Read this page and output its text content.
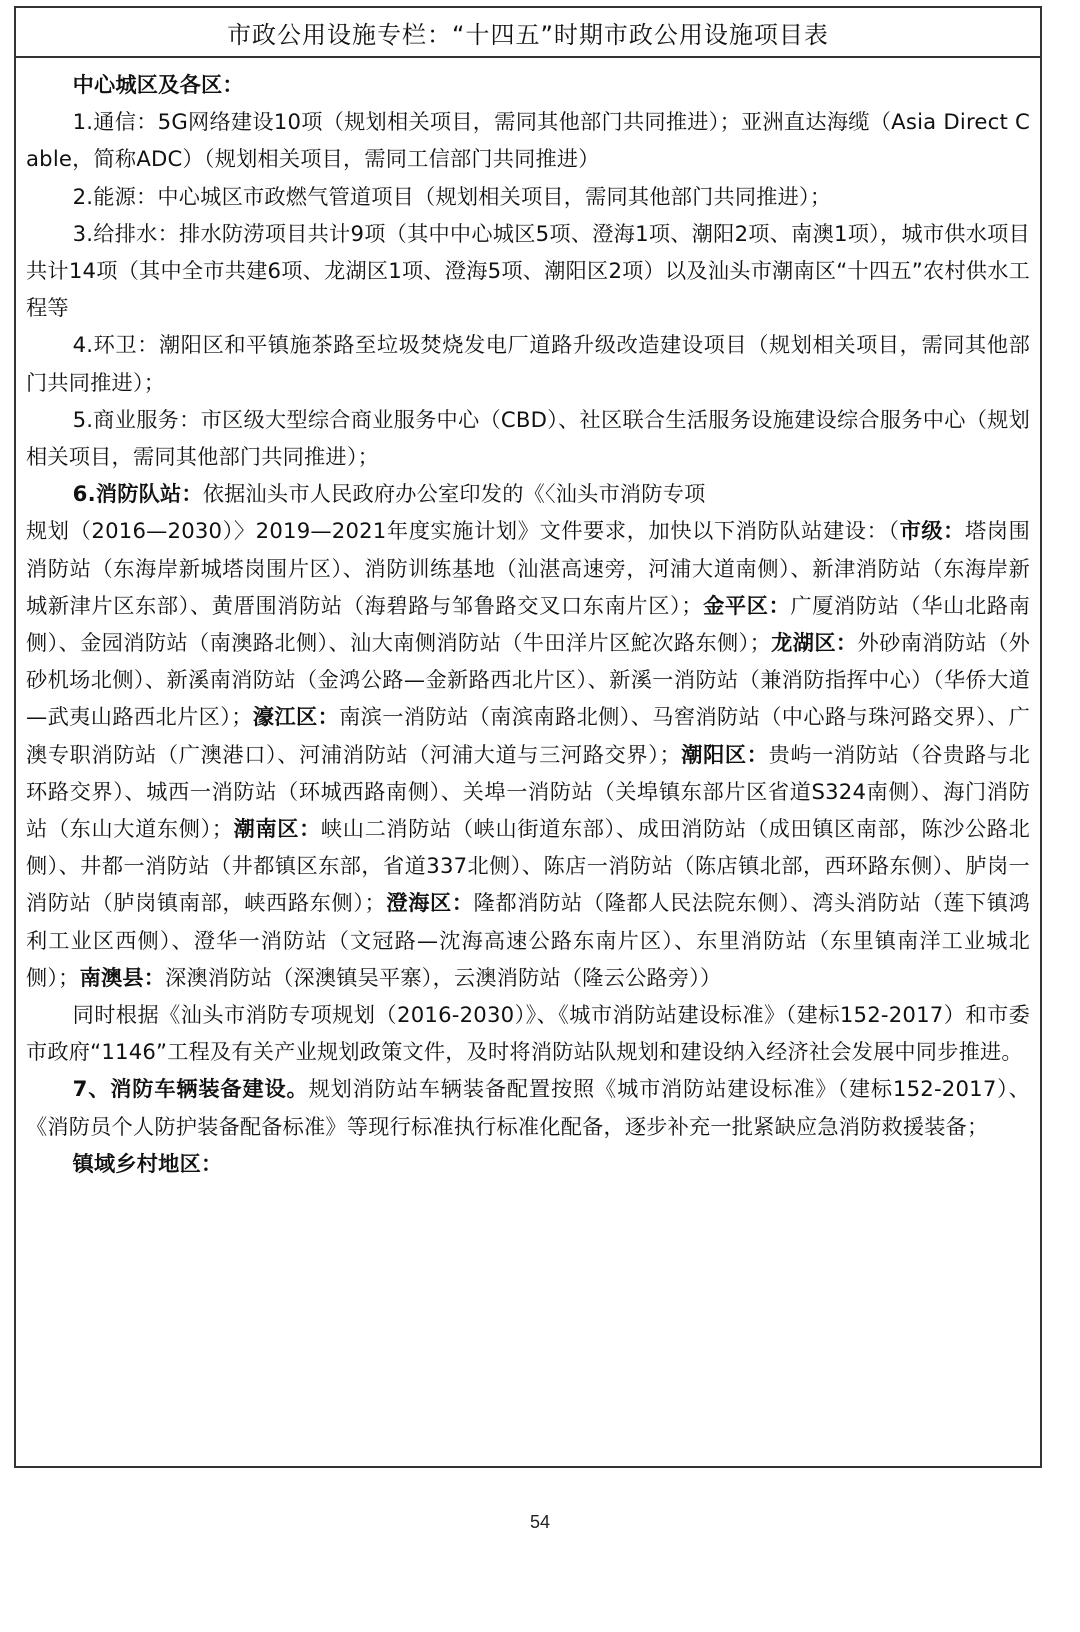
市政公用设施专栏：“十四五”时期市政公用设施项目表

中心城区及各区：

1.通信：5G网络建设10项（规划相关项目，需同其他部门共同推进）；亚洲直达海缆（Asia Direct Cable，简称ADC）（规划相关项目，需同工信部门共同推进）

2.能源：中心城区市政燃气管道项目（规划相关项目，需同其他部门共同推进）；

3.给排水：排水防涝项目共计9项（其中中心城区5项、澄海1项、潮阳2项、南澳1项），城市供水项目共计14项（其中全市共建6项、龙湖区1项、澄海5项、潮阳区2项）以及汕头市潮南区“十四五”农村供水工程等

4.环卫：潮阳区和平镇施茶路至垃圾焚烧发电厂道路升级改造建设项目（规划相关项目，需同其他部门共同推进）；

5.商业服务：市区级大型综合商业服务中心（CBD）、社区联合生活服务设施建设综合服务中心（规划相关项目，需同其他部门共同推进）；

6.消防队站：依据汕头市人民政府办公室印发的《〈汕头市消防专项

规划（2016—2030）〉2019—2021年度实施计划》文件要求，加快以下消防队站建设：（市级：塔岗围消防站（东海岸新城塔岗围片区）、消防训练基地（汕湛高速旁，河浦大道南侧）、新津消防站（东海岸新城新津片区东部）、黄厝围消防站（海碧路与邹鲁路交叉口东南片区）；金平区：广厦消防站（华山北路南侧）、金园消防站（南澳路北侧）、汕大南侧消防站（牛田洋片区鮀次路东侧）；龙湖区：外砂南消防站（外砂机场北侧）、新溪南消防站（金鸿公路—金新路西北片区）、新溪一消防站（兼消防指挥中心）（华侨大道—武夷山路西北片区）；濠江区：南滨一消防站（南滨南路北侧）、马窖消防站（中心路与珠河路交界）、广澳专职消防站（广澳港口）、河浦消防站（河浦大道与三河路交界）；潮阳区：贵屿一消防站（谷贵路与北环路交界）、城西一消防站（环城西路南侧）、关埠一消防站（关埠镇东部片区省道S324南侧）、海门消防站（东山大道东侧）；潮南区：峡山二消防站（峡山街道东部）、成田消防站（成田镇区南部，陈沙公路北侧）、井都一消防站（井都镇区东部，省道337北侧）、陈店一消防站（陈店镇北部，西环路东侧）、胪岗一消防站（胪岗镇南部，峡西路东侧）；澄海区：隆都消防站（隆都人民法院东侧）、湾头消防站（莲下镇鸿利工业区西侧）、澄华一消防站（文冠路—沈海高速公路东南片区）、东里消防站（东里镇南洋工业城北侧）；南澳县：深澳消防站（深澳镇吴平寨），云澳消防站（隆云公路旁））

同时根据《汕头市消防专项规划（2016-2030）》、《城市消防站建设标准》（建标152-2017）和市委市政府“1146”工程及有关产业规划政策文件，及时将消防站队规划和建设纳入经济社会发展中同步推进。

7、消防车辆装备建设。规划消防站车辆装备配置按照《城市消防站建设标准》（建标152-2017）、《消防员个人防护装备配备标准》等现行标准执行标准化配备，逐步补充一批紧缺应急消防救援装备；

镇域乡村地区：

54
